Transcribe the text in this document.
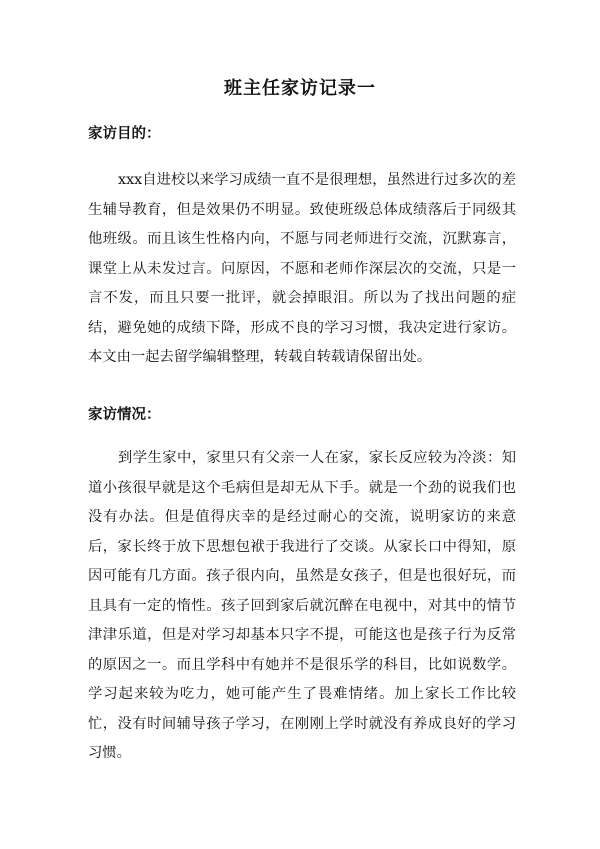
班主任家访记录一
家访目的：

xxx自进校以来学习成绩一直不是很理想，虽然进行过多次的差生辅导教育，但是效果仍不明显。致使班级总体成绩落后于同级其他班级。而且该生性格内向，不愿与同老师进行交流，沉默寡言，课堂上从未发过言。问原因，不愿和老师作深层次的交流，只是一言不发，而且只要一批评，就会掉眼泪。所以为了找出问题的症结，避免她的成绩下降，形成不良的学习习惯，我决定进行家访。本文由一起去留学编辑整理，转载自转载请保留出处。

家访情况：

到学生家中，家里只有父亲一人在家，家长反应较为冷淡：知道小孩很早就是这个毛病但是却无从下手。就是一个劲的说我们也没有办法。但是值得庆幸的是经过耐心的交流，说明家访的来意后，家长终于放下思想包袱于我进行了交谈。从家长口中得知，原因可能有几方面。孩子很内向，虽然是女孩子，但是也很好玩，而且具有一定的惰性。孩子回到家后就沉醉在电视中，对其中的情节津津乐道，但是对学习却基本只字不提，可能这也是孩子行为反常的原因之一。而且学科中有她并不是很乐学的科目，比如说数学。学习起来较为吃力，她可能产生了畏难情绪。加上家长工作比较忙，没有时间辅导孩子学习，在刚刚上学时就没有养成良好的学习习惯。
